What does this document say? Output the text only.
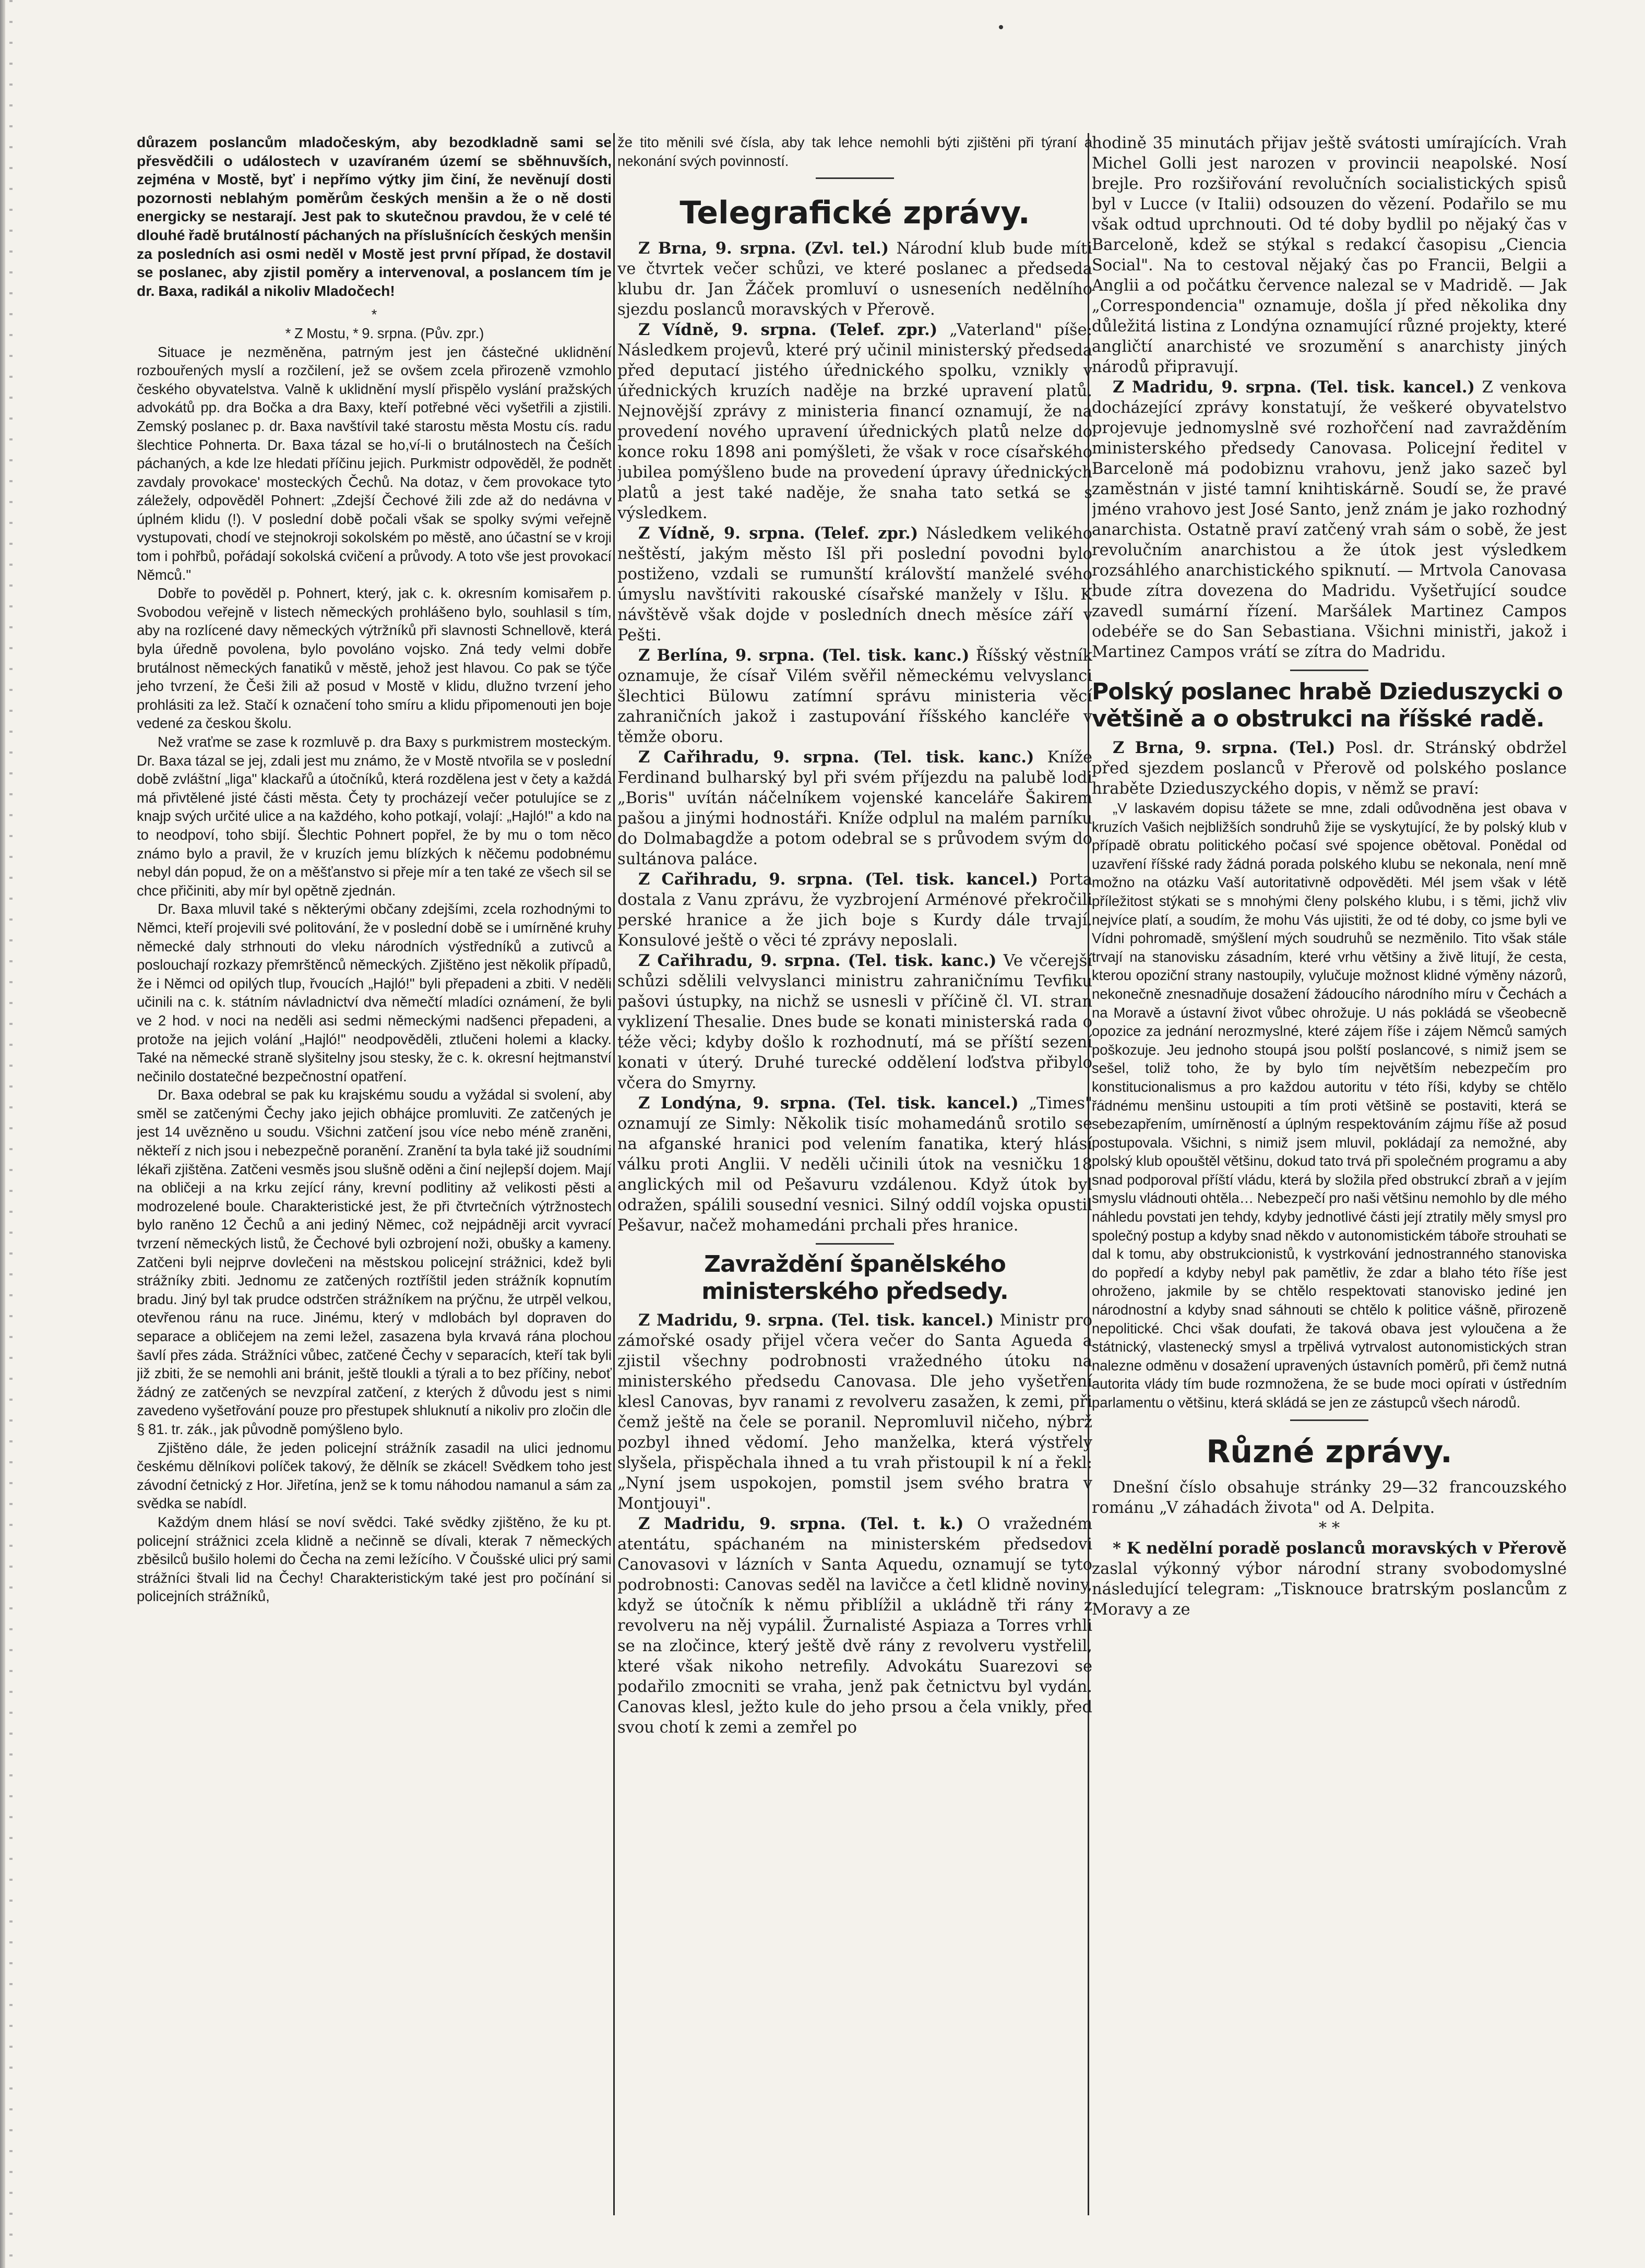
důrazem poslancům mladočeským, aby bezodkladně sami se přesvědčili o událostech v uzavíraném území se sběhnuvších, zejména v Mostě, byť i nepřímo výtky jim činí, že nevěnují dosti pozornosti neblahým poměrům českých menšin a že o ně dosti energicky se nestarají. Jest pak to skutečnou pravdou, že v celé té dlouhé řadě brutálností páchaných na příslušnících českých menšin za posledních asi osmi neděl v Mostě jest první případ, že dostavil se poslanec, aby zjistil poměry a intervenoval, a poslancem tím je dr. Baxa, radikál a nikoliv Mladočech!

*

* Z Mostu, * 9. srpna. (Pův. zpr.)

Situace je nezměněna, patrným jest jen částečné uklidnění rozbouřených myslí a rozčilení, jež se ovšem zcela přirozeně vzmohlo českého obyvatelstva. Valně k uklidnění myslí přispělo vyslání pražských advokátů pp. dra Bočka a dra Baxy, kteří potřebné věci vyšetřili a zjistili. Zemský poslanec p. dr. Baxa navštívil také starostu města Mostu cís. radu šlechtice Pohnerta. Dr. Baxa tázal se ho,ví-li o brutálnostech na Češích páchaných, a kde lze hledati příčinu jejich. Purkmistr odpověděl, že podnět zavdaly provokace' mosteckých Čechů. Na dotaz, v čem provokace tyto záležely, odpověděl Pohnert: „Zdejší Čechové žili zde až do nedávna v úplném klidu (!). V poslední době počali však se spolky svými veřejně vystupovati, chodí ve stejnokroji sokolském po městě, ano účastní se v kroji tom i pohřbů, pořádají sokolská cvičení a průvody. A toto vše jest provokací Němců."

Dobře to pověděl p. Pohnert, který, jak c. k. okresním komisařem p. Svobodou veřejně v listech německých prohlášeno bylo, souhlasil s tím, aby na rozlícené davy německých výtržníků při slavnosti Schnellově, která byla úředně povolena, bylo povoláno vojsko. Zná tedy velmi dobře brutálnost německých fanatiků v městě, jehož jest hlavou. Co pak se týče jeho tvrzení, že Češi žili až posud v Mostě v klidu, dlužno tvrzení jeho prohlásiti za lež. Stačí k označení toho smíru a klidu připomenouti jen boje vedené za českou školu.

Než vraťme se zase k rozmluvě p. dra Baxy s purkmistrem mosteckým. Dr. Baxa tázal se jej, zdali jest mu známo, že v Mostě ntvořila se v poslední době zvláštní „liga" klackařů a útočníků, která rozdělena jest v čety a každá má přivtělené jisté části města. Čety ty procházejí večer potulujíce se z knajp svých určité ulice a na každého, koho potkají, volají: „Hajló!" a kdo na to neodpoví, toho sbijí. Šlechtic Pohnert popřel, že by mu o tom něco známo bylo a pravil, že v kruzích jemu blízkých k něčemu podobnému nebyl dán popud, že on a měšťanstvo si přeje mír a ten také ze všech sil se chce přičiniti, aby mír byl opětně zjednán.

Dr. Baxa mluvil také s některými občany zdejšími, zcela rozhodnými to Němci, kteří projevili své politování, že v poslední době se i umírněné kruhy německé daly strhnouti do vleku národních výstředníků a zutivců a poslouchají rozkazy přemrštěnců německých. Zjištěno jest několik případů, že i Němci od opilých tlup, řvoucích „Hajló!" byli přepadeni a zbiti. V neděli učinili na c. k. státním návladnictví dva němečtí mladíci oznámení, že byli ve 2 hod. v noci na neděli asi sedmi německými nadšenci přepadeni, a protože na jejich volání „Hajló!" neodpověděli, ztlučeni holemi a klacky. Také na německé straně slyšitelny jsou stesky, že c. k. okresní hejtmanství nečinilo dostatečné bezpečnostní opatření.

Dr. Baxa odebral se pak ku krajskému soudu a vyžádal si svolení, aby směl se zatčenými Čechy jako jejich obhájce promluviti. Ze zatčených je jest 14 uvězněno u soudu. Všichni zatčení jsou více nebo méně zraněni, někteří z nich jsou i nebezpečně poranění. Zranění ta byla také již soudními lékaři zjištěna. Zatčeni vesměs jsou slušně oděni a činí nejlepší dojem. Mají na obličeji a na krku zející rány, krevní podlitiny až velikosti pěsti a modrozelené boule. Charakteristické jest, že při čtvrtečních výtržnostech bylo raněno 12 Čechů a ani jediný Němec, což nejpádněji arcit vyvrací tvrzení německých listů, že Čechové byli ozbrojení noži, obušky a kameny. Zatčeni byli nejprve dovlečeni na městskou policejní strážnici, kdež byli strážníky zbiti. Jednomu ze zatčených roztříštil jeden strážník kopnutím bradu. Jiný byl tak prudce odstrčen strážníkem na prýčnu, že utrpěl velkou, otevřenou ránu na ruce. Jinému, který v mdlobách byl dopraven do separace a obličejem na zemi ležel, zasazena byla krvavá rána plochou šavlí přes záda. Strážníci vůbec, zatčené Čechy v separacích, kteří tak byli již zbiti, že se nemohli ani bránit, ještě tloukli a týrali a to bez příčiny, neboť žádný ze zatčených se nevzpíral zatčení, z kterých ž důvodu jest s nimi zavedeno vyšetřování pouze pro přestupek shluknutí a nikoliv pro zločin dle § 81. tr. zák., jak původně pomýšleno bylo.

Zjištěno dále, že jeden policejní strážník zasadil na ulici jednomu českému dělníkovi políček takový, že dělník se zkácel! Svědkem toho jest závodní četnický z Hor. Jiřetína, jenž se k tomu náhodou namanul a sám za svědka se nabídl.

Každým dnem hlásí se noví svědci. Také svědky zjištěno, že ku pt. policejní strážnici zcela klidně a nečinně se dívali, kterak 7 německých zběsilců bušilo holemi do Čecha na zemi ležícího. V Čoušské ulici prý sami strážníci štvali lid na Čechy! Charakteristickým také jest pro počínání si policejních strážníků,

že tito měnili své čísla, aby tak lehce nemohli býti zjištěni při týraní a nekonání svých povinností.

Telegrafické zprávy.

Z Brna, 9. srpna. (Zvl. tel.) Národní klub bude míti ve čtvrtek večer schůzi, ve které poslanec a předseda klubu dr. Jan Žáček promluví o usneseních nedělního sjezdu poslanců moravských v Přerově.

Z Vídně, 9. srpna. (Telef. zpr.) „Vaterland" píše: Následkem projevů, které prý učinil ministerský předseda před deputací jistého úřednického spolku, vznikly v úřednických kruzích naděje na brzké upravení platů. Nejnovější zprávy z ministeria financí oznamují, že na provedení nového upravení úřednických platů nelze do konce roku 1898 ani pomýšleti, že však v roce císařského jubilea pomýšleno bude na provedení úpravy úřednických platů a jest také naděje, že snaha tato setká se s výsledkem.

Z Vídně, 9. srpna. (Telef. zpr.) Následkem velikého neštěstí, jakým město Išl při poslední povodni bylo postiženo, vzdali se rumunští královští manželé svého úmyslu navštíviti rakouské císařské manžely v Išlu. K návštěvě však dojde v posledních dnech měsíce září v Pešti.

Z Berlína, 9. srpna. (Tel. tisk. kanc.) Říšský věstník oznamuje, že císař Vilém svěřil německému velvyslanci šlechtici Bülowu zatímní správu ministeria věcí zahraničních jakož i zastupování říšského kancléře v těmže oboru.

Z Cařihradu, 9. srpna. (Tel. tisk. kanc.) Kníže Ferdinand bulharský byl při svém příjezdu na palubě lodi „Boris" uvítán náčelníkem vojenské kanceláře Šakirem pašou a jinými hodnostáři. Kníže odplul na malém parníku do Dolmabagdže a potom odebral se s průvodem svým do sultánova paláce.

Z Cařihradu, 9. srpna. (Tel. tisk. kancel.) Porta dostala z Vanu zprávu, že vyzbrojení Arménové překročili perské hranice a že jich boje s Kurdy dále trvají. Konsulové ještě o věci té zprávy neposlali.

Z Cařihradu, 9. srpna. (Tel. tisk. kanc.) Ve včerejší schůzi sdělili velvyslanci ministru zahraničnímu Tevfiku pašovi ústupky, na nichž se usnesli v příčině čl. VI. stran vyklizení Thesalie. Dnes bude se konati ministerská rada o téže věci; kdyby došlo k rozhodnutí, má se příští sezení konati v úterý. Druhé turecké oddělení loďstva přibylo včera do Smyrny.

Z Londýna, 9. srpna. (Tel. tisk. kancel.) „Times" oznamují ze Simly: Několik tisíc mohamedánů srotilo se na afganské hranici pod velením fanatika, který hlásí válku proti Anglii. V neděli učinili útok na vesničku 18 anglických mil od Pešavuru vzdálenou. Když útok byl odražen, spálili sousední vesnici. Silný oddíl vojska opustil Pešavur, načež mohamedáni prchali přes hranice.

Zavraždění španělského ministerského předsedy.

Z Madridu, 9. srpna. (Tel. tisk. kancel.) Ministr pro zámořské osady přijel včera večer do Santa Agueda a zjistil všechny podrobnosti vražedného útoku na ministerského předsedu Canovasa. Dle jeho vyšetření klesl Canovas, byv ranami z revolveru zasažen, k zemi, při čemž ještě na čele se poranil. Nepromluvil ničeho, nýbrž pozbyl ihned vědomí. Jeho manželka, která výstřely slyšela, přispěchala ihned a tu vrah přistoupil k ní a řekl: „Nyní jsem uspokojen, pomstil jsem svého bratra v Montjouyi".

Z Madridu, 9. srpna. (Tel. t. k.) O vražedném atentátu, spáchaném na ministerském předsedovi Canovasovi v lázních v Santa Aquedu, oznamují se tyto podrobnosti: Canovas seděl na lavičce a četl klidně noviny, když se útočník k němu přiblížil a ukládně tři rány z revolveru na něj vypálil. Žurnalisté Aspiaza a Torres vrhli se na zločince, který ještě dvě rány z revolveru vystřelil, které však nikoho netrefily. Advokátu Suarezovi se podařilo zmocniti se vraha, jenž pak četnictvu byl vydán. Canovas klesl, ježto kule do jeho prsou a čela vnikly, před svou chotí k zemi a zemřel po

hodině 35 minutách přijav ještě svátosti umírajících. Vrah Michel Golli jest narozen v provincii neapolské. Nosí brejle. Pro rozšiřování revolučních socialistických spisů byl v Lucce (v Italii) odsouzen do vězení. Podařilo se mu však odtud uprchnouti. Od té doby bydlil po nějaký čas v Barceloně, kdež se stýkal s redakcí časopisu „Ciencia Social". Na to cestoval nějaký čas po Francii, Belgii a Anglii a od počátku července nalezal se v Madridě. — Jak „Correspondencia" oznamuje, došla jí před několika dny důležitá listina z Londýna oznamující různé projekty, které angličtí anarchisté ve srozumění s anarchisty jiných národů připravují.

Z Madridu, 9. srpna. (Tel. tisk. kancel.) Z venkova docházející zprávy konstatují, že veškeré obyvatelstvo projevuje jednomyslně své rozhořčení nad zavražděním ministerského předsedy Canovasa. Policejní ředitel v Barceloně má podobiznu vrahovu, jenž jako sazeč byl zaměstnán v jisté tamní knihtiskárně. Soudí se, že pravé jméno vrahovo jest José Santo, jenž znám je jako rozhodný anarchista. Ostatně praví zatčený vrah sám o sobě, že jest revolučním anarchistou a že útok jest výsledkem rozsáhlého anarchistického spiknutí. — Mrtvola Canovasa bude zítra dovezena do Madridu. Vyšetřující soudce zavedl sumární řízení. Maršálek Martinez Campos odebéře se do San Sebastiana. Všichni ministři, jakož i Martinez Campos vrátí se zítra do Madridu.

Polský poslanec hrabě Dzieduszycki o většině a o obstrukci na říšské radě.

Z Brna, 9. srpna. (Tel.) Posl. dr. Stránský obdržel před sjezdem poslanců v Přerově od polského poslance hraběte Dzieduszyckého dopis, v němž se praví:

„V laskavém dopisu tážete se mne, zdali odůvodněna jest obava v kruzích Vašich nejbližších sondruhů žije se vyskytující, že by polský klub v případě obratu politického počasí své spojence obětoval. Ponědal od uzavření říšské rady žádná porada polského klubu se nekonala, není mně možno na otázku Vaší autoritativně odpověděti. Mél jsem však v létě příležitost stýkati se s mnohými členy polského klubu, i s těmi, jichž vliv nejvíce platí, a soudím, že mohu Vás ujistiti, že od té doby, co jsme byli ve Vídni pohromadě, smýšlení mých soudruhů se nezměnilo. Tito však stále trvají na stanovisku zásadním, které vrhu většiny a živě litují, že cesta, kterou opoziční strany nastoupily, vylučuje možnost klidné výměny názorů, nekonečně znesnadňuje dosažení žádoucího národního míru v Čechách a na Moravě a ústavní život vůbec ohrožuje. U nás pokládá se všeobecně opozice za jednání nerozmyslné, které zájem říše i zájem Němců samých poškozuje. Jeu jednoho stoupá jsou polští poslancové, s nimiž jsem se sešel, toliž toho, že by bylo tím největším nebezpečím pro konstitucionalismus a pro každou autoritu v této říši, kdyby se chtělo řádnému menšinu ustoupiti a tím proti většině se postaviti, která se sebezapřením, umírněností a úplným respektováním zájmu říše až posud postupovala. Všichni, s nimiž jsem mluvil, pokládají za nemožné, aby polský klub opouštěl většinu, dokud tato trvá při společném programu a aby snad podporoval příští vládu, která by složila před obstrukcí zbraň a v jejím smyslu vládnouti ohtěla… Nebezpečí pro naši většinu nemohlo by dle mého náhledu povstati jen tehdy, kdyby jednotlivé části její ztratily měly smysl pro společný postup a kdyby snad někdo v autonomistickém táboře strouhati se dal k tomu, aby obstrukcionistů, k vystrkování jednostranného stanoviska do popředí a kdyby nebyl pak pamětliv, že zdar a blaho této říše jest ohroženo, jakmile by se chtělo respektovati stanovisko jediné jen národnostní a kdyby snad sáhnouti se chtělo k politice vášně, přirozeně nepolitické. Chci však doufati, že taková obava jest vyloučena a že státnický, vlastenecký smysl a trpělivá vytrvalost autonomistických stran nalezne odměnu v dosažení upravených ústavních poměrů, při čemž nutná autorita vlády tím bude rozmnožena, že se bude moci opírati v ústředním parlamentu o většinu, která skládá se jen ze zástupců všech národů.

Různé zprávy.

Dnešní číslo obsahuje stránky 29—32 francouzského románu „V záhadách života" od A. Delpita.

* *

* K nedělní poradě poslanců moravských v Přerově zaslal výkonný výbor národní strany svobodomyslné následující telegram: „Tisknouce bratrským poslancům z Moravy a ze
